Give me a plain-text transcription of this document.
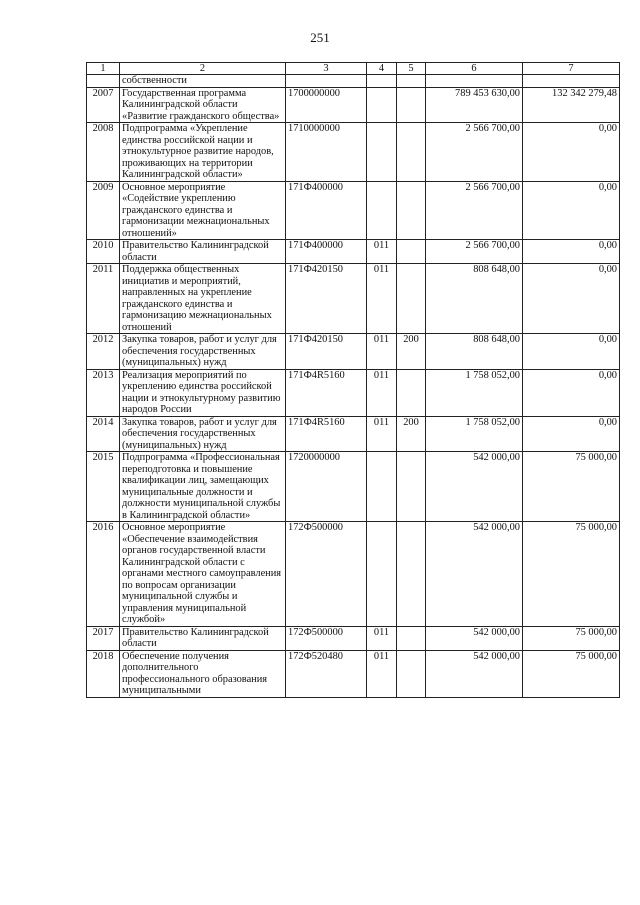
251
1	2	3	4	5	6	7
	собственности					
2007	Государственная программа Калининградской области «Развитие гражданского общества»	1700000000			789 453 630,00	132 342 279,48
2008	Подпрограмма «Укрепление единства российской нации и этнокультурное развитие народов, проживающих на территории Калининградской области»	1710000000			2 566 700,00	0,00
2009	Основное мероприятие «Содействие укреплению гражданского единства и гармонизации межнациональных отношений»	171Ф400000			2 566 700,00	0,00
2010	Правительство Калининградской области	171Ф400000	011		2 566 700,00	0,00
2011	Поддержка общественных инициатив и мероприятий, направленных на укрепление гражданского единства и гармонизацию межнациональных отношений	171Ф420150	011		808 648,00	0,00
2012	Закупка товаров, работ и услуг для обеспечения государственных (муниципальных) нужд	171Ф420150	011	200	808 648,00	0,00
2013	Реализация мероприятий по укреплению единства российской нации и этнокультурному развитию народов России	171Ф4R5160	011		1 758 052,00	0,00
2014	Закупка товаров, работ и услуг для обеспечения государственных (муниципальных) нужд	171Ф4R5160	011	200	1 758 052,00	0,00
2015	Подпрограмма «Профессиональная переподготовка и повышение квалификации лиц, замещающих муниципальные должности и должности муниципальной службы в Калининградской области»	1720000000			542 000,00	75 000,00
2016	Основное мероприятие «Обеспечение взаимодействия органов государственной власти Калининградской области с органами местного самоуправления по вопросам организации муниципальной службы и управления муниципальной службой»	172Ф500000			542 000,00	75 000,00
2017	Правительство Калининградской области	172Ф500000	011		542 000,00	75 000,00
2018	Обеспечение получения дополнительного профессионального образования муниципальными	172Ф520480	011		542 000,00	75 000,00
